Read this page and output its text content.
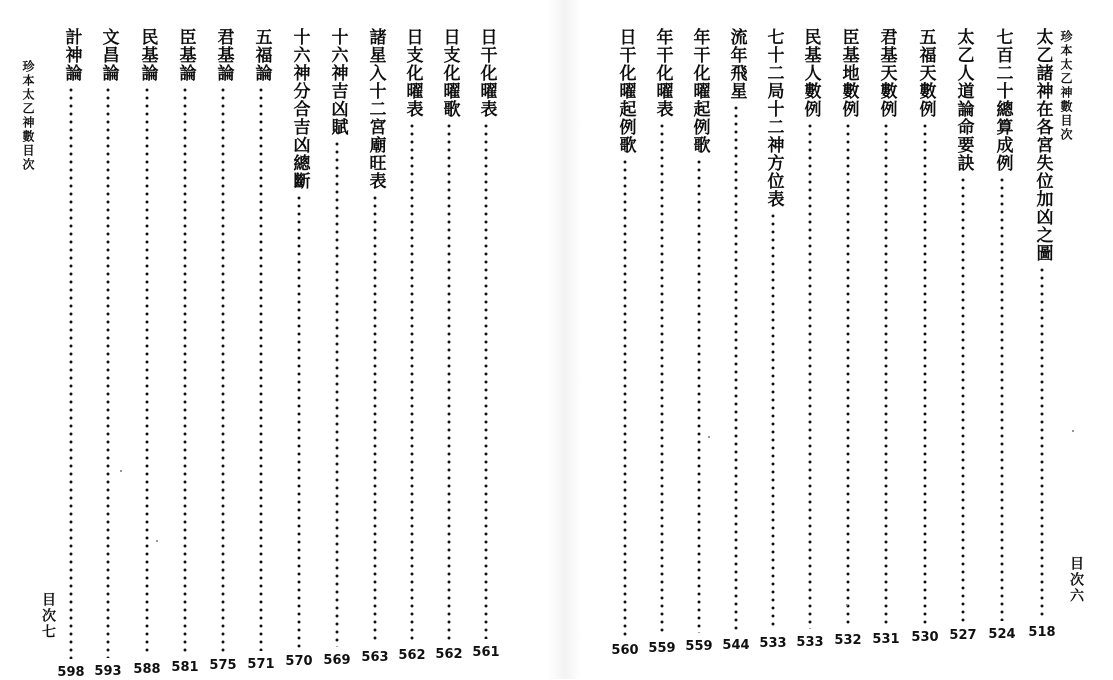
珍本太乙神數目次
目次七
日干化曜表
561
日支化曜歌
562
日支化曜表
562
諸星入十二宮廟旺表
563
十六神吉凶賦
569
十六神分合吉凶總斷
570
五福論
571
君基論
575
臣基論
581
民基論
588
文昌論
593
計神論
598
珍本太乙神數目次
目次六
太乙諸神在各宮失位加凶之圖
518
七百二十總算成例
524
太乙人道論命要訣
527
五福天數例
530
君基天數例
531
臣基地數例
532
民基人數例
533
七十二局十二神方位表
533
流年飛星
544
年干化曜起例歌
559
年干化曜表
559
日干化曜起例歌
560
